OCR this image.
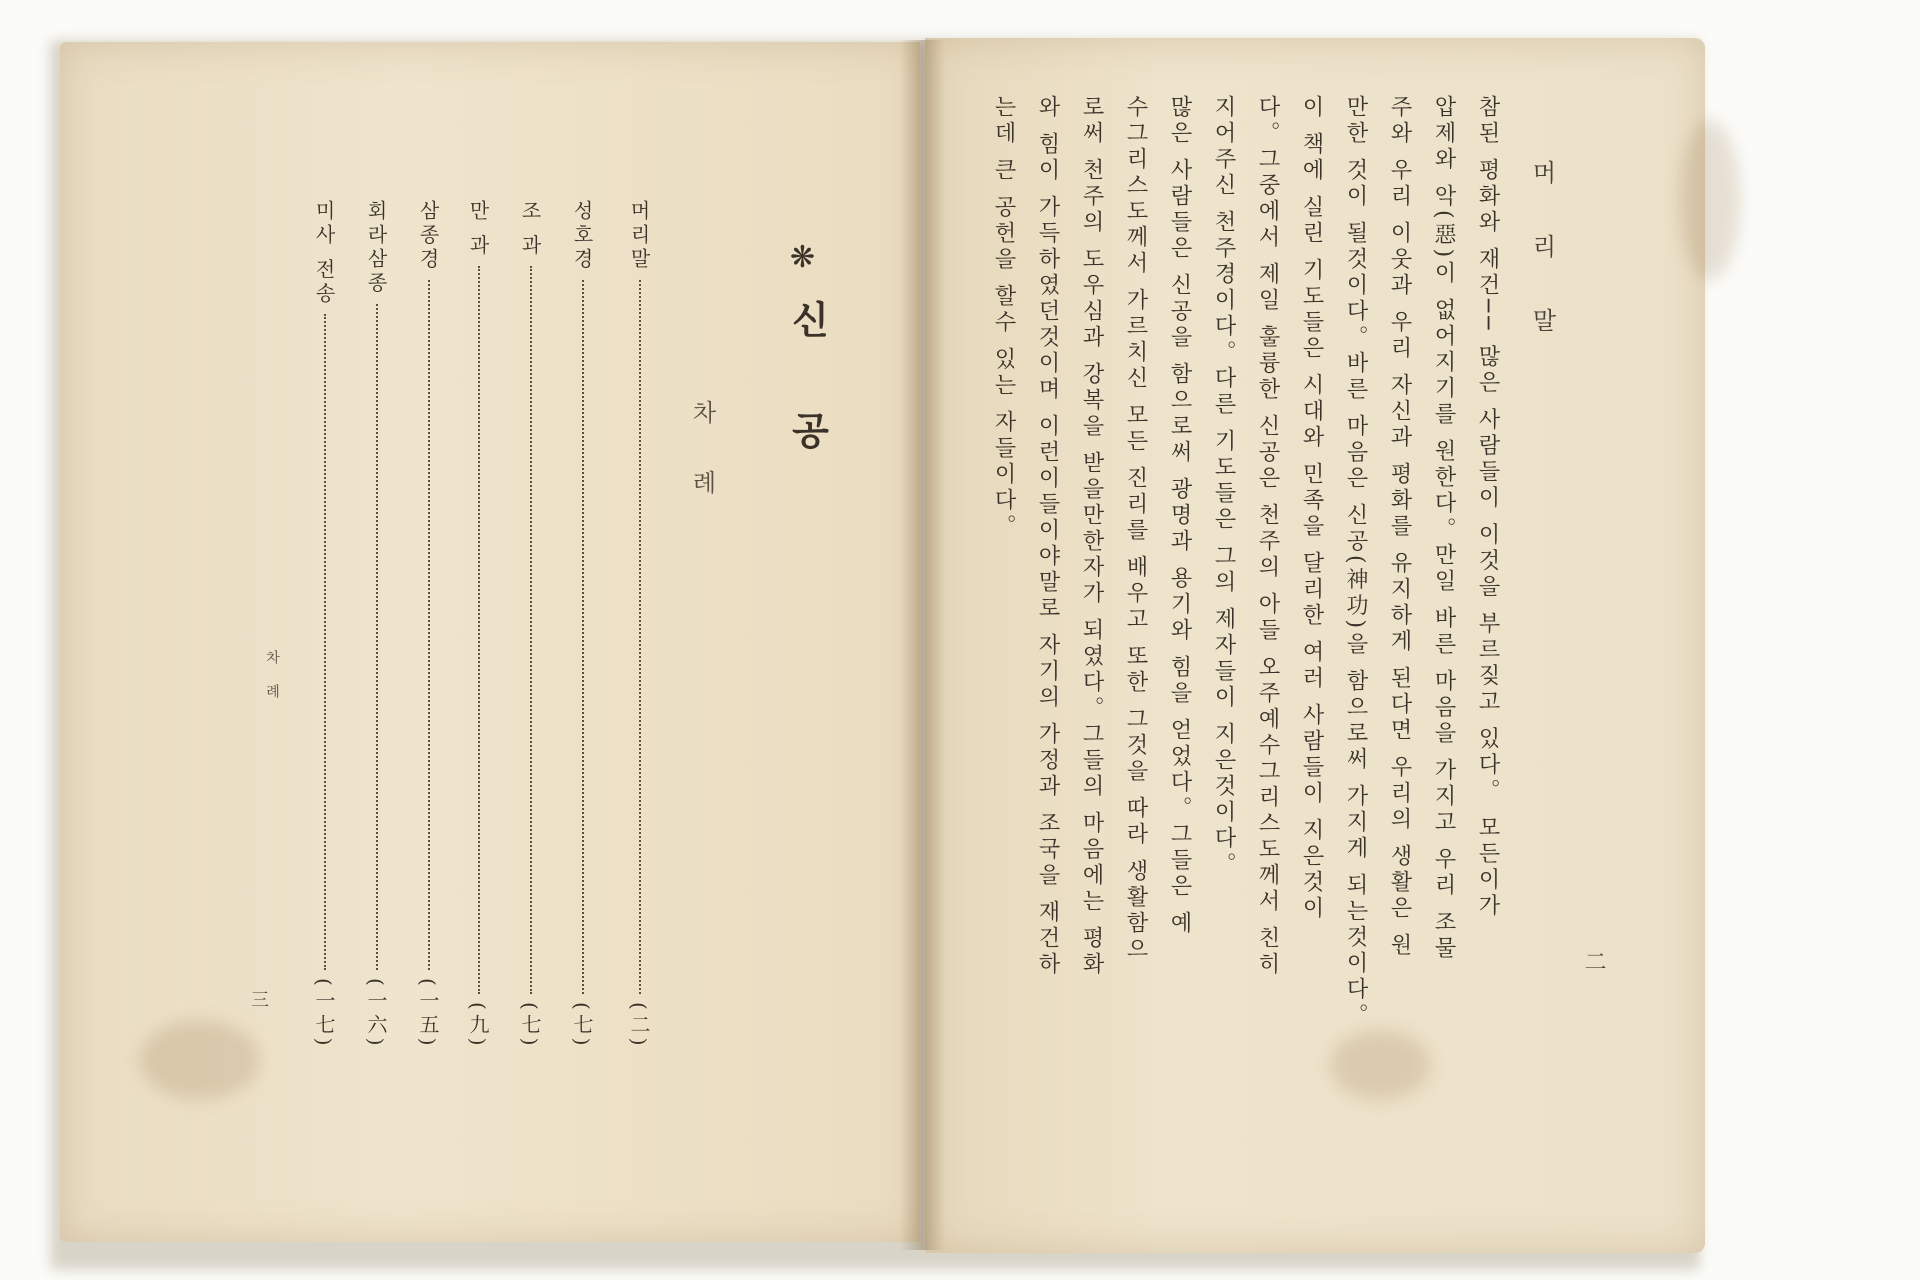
❋
신 공
차례
머리말
(二)
성호경
(七)
조 과
(七)
만 과
(九)
삼종경
(一五)
회라삼종
(一六)
미사 전송
(一七)
차례
三
머리말
참된 평화와 재건── 많은 사람들이 이것을 부르짖고 있다。 모든이가
압제와 악(惡)이 없어지기를 원한다。만일 바른 마음을 가지고 우리 조물
주와 우리 이웃과 우리 자신과 평화를 유지하게 된다면 우리의 생활은 원
만한 것이 될것이다。바른 마음은 신공(神功)을 함으로써 가지게 되는것이다。
이 책에 실린 기도들은 시대와 민족을 달리한 여러 사람들이 지은것이
다。그중에서 제일 훌륭한 신공은 천주의 아들 오주예수그리스도께서 친히
지어주신 천주경이다。다른 기도들은 그의 제자들이 지은것이다。
많은 사람들은 신공을 함으로써 광명과 용기와 힘을 얻었다。그들은 예
수그리스도께서 가르치신 모든 진리를 배우고 또한 그것을 따라 생활함으
로써 천주의 도우심과 강복을 받을만한자가 되였다。그들의 마음에는 평화
와 힘이 가득하였던것이며 이런이들이야말로 자기의 가정과 조국을 재건하
는데 큰 공헌을 할수 있는 자들이다。
二
